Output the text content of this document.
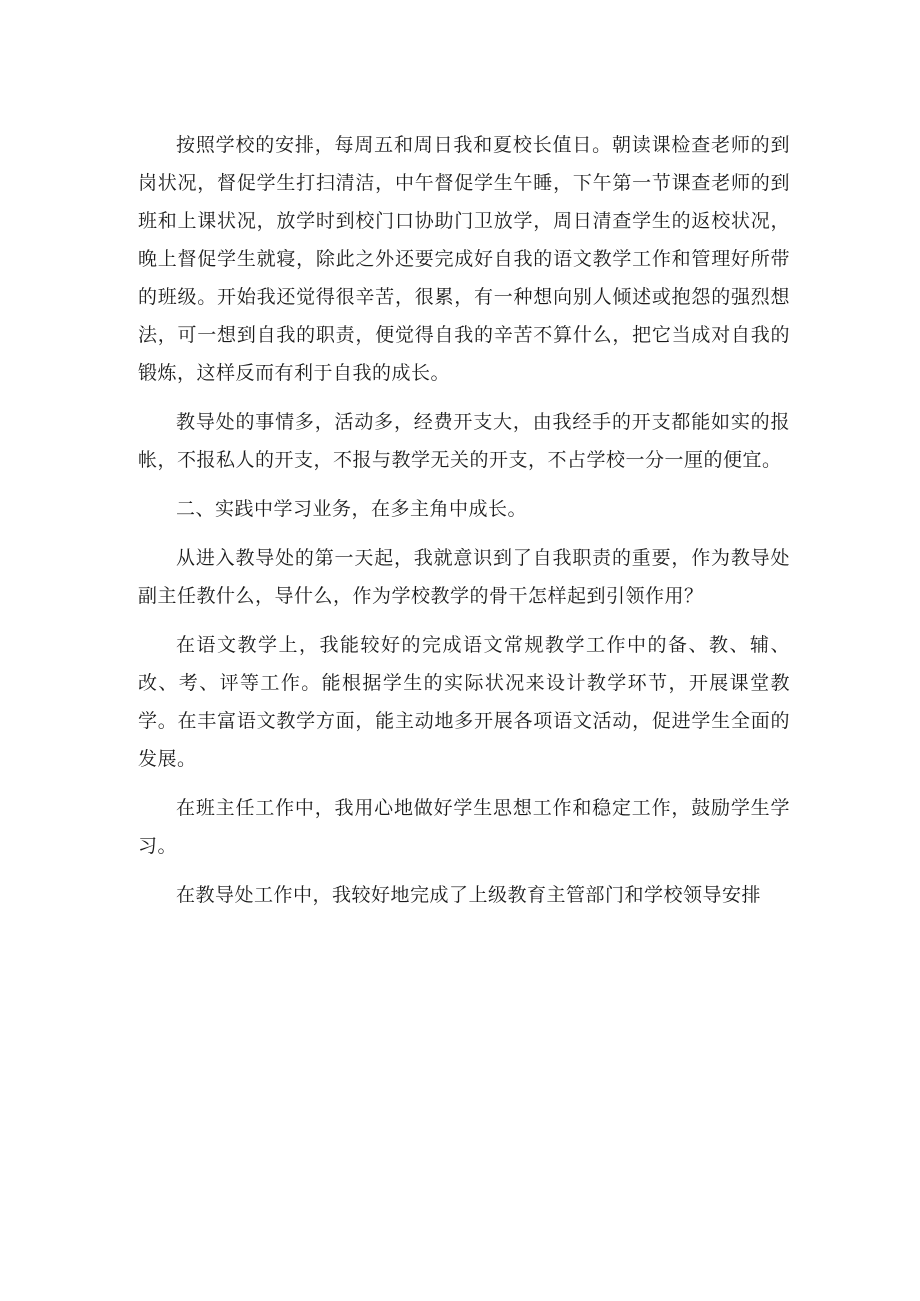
按照学校的安排，每周五和周日我和夏校长值日。朝读课检查老师的到岗状况，督促学生打扫清洁，中午督促学生午睡，下午第一节课查老师的到班和上课状况，放学时到校门口协助门卫放学，周日清查学生的返校状况，晚上督促学生就寝，除此之外还要完成好自我的语文教学工作和管理好所带的班级。开始我还觉得很辛苦，很累，有一种想向别人倾述或抱怨的强烈想法，可一想到自我的职责，便觉得自我的辛苦不算什么，把它当成对自我的锻炼，这样反而有利于自我的成长。

教导处的事情多，活动多，经费开支大，由我经手的开支都能如实的报帐，不报私人的开支，不报与教学无关的开支，不占学校一分一厘的便宜。

二、实践中学习业务，在多主角中成长。

从进入教导处的第一天起，我就意识到了自我职责的重要，作为教导处副主任教什么，导什么，作为学校教学的骨干怎样起到引领作用？

在语文教学上，我能较好的完成语文常规教学工作中的备、教、辅、改、考、评等工作。能根据学生的实际状况来设计教学环节，开展课堂教学。在丰富语文教学方面，能主动地多开展各项语文活动，促进学生全面的发展。

在班主任工作中，我用心地做好学生思想工作和稳定工作，鼓励学生学习。

在教导处工作中，我较好地完成了上级教育主管部门和学校领导安排
